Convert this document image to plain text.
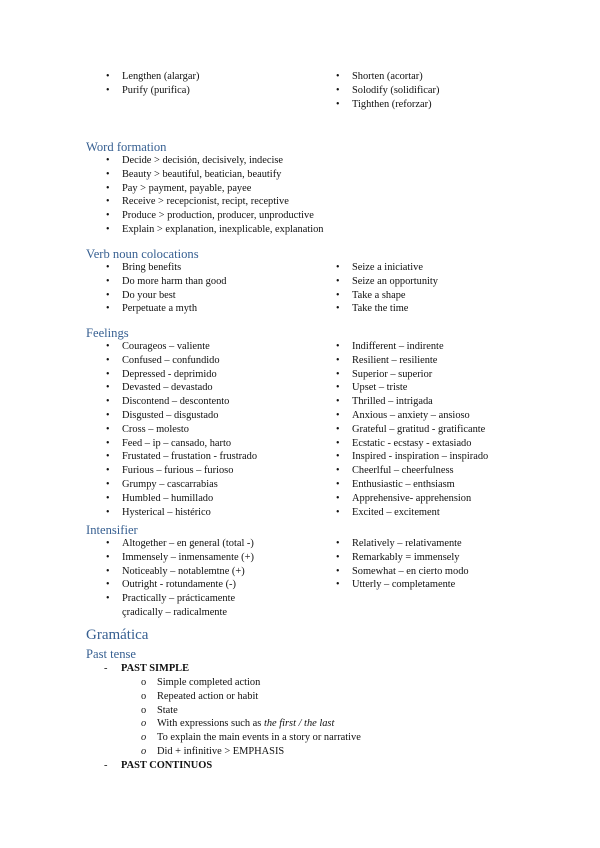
• Lengthen (alargar)
• Purify (purifica)
• Shorten (acortar)
• Solodify (solidificar)
• Tighthen (reforzar)
Word formation
• Decide > decisión, decisively, indecise
• Beauty > beautiful, beatician, beautify
• Pay > payment, payable, payee
• Receive > recepcionist, recipt, receptive
• Produce > production, producer, unproductive
• Explain > explanation, inexplicable, explanation
Verb noun colocations
• Bring benefits
• Do more harm than good
• Do your best
• Perpetuate a myth
• Seize a iniciative
• Seize an opportunity
• Take a shape
• Take the time
Feelings
• Courageos – valiente
• Confused – confundido
• Depressed - deprimido
• Devasted – devastado
• Discontend – descontento
• Disgusted – disgustado
• Cross – molesto
• Feed – ip – cansado, harto
• Frustated – frustation - frustrado
• Furious – furious – furioso
• Grumpy – cascarrabias
• Humbled – humillado
• Hysterical – histérico
• Indifferent – indirente
• Resilient – resiliente
• Superior – superior
• Upset – triste
• Thrilled – intrigada
• Anxious – anxiety – ansioso
• Grateful – gratitud - gratificante
• Ecstatic - ecstasy - extasiado
• Inspired - inspiration – inspirado
• Cheerlful – cheerfulness
• Enthusiastic – enthsiasm
• Apprehensive- apprehension
• Excited – excitement
Intensifier
• Altogether – en general (total -)
• Immensely – inmensamente (+)
• Noticeably – notablemtne (+)
• Outright - rotundamente (-)
• Practically – prácticamente
çradically – radicalmente
• Relatively – relativamente
• Remarkably = immensely
• Somewhat – en cierto modo
• Utterly – completamente
Gramática
Past tense
- PAST SIMPLE
o Simple completed action
o Repeated action or habit
o State
o With expressions such as the first / the last
o To explain the main events in a story or narrative
o Did + infinitive > EMPHASIS
- PAST CONTINUOS
